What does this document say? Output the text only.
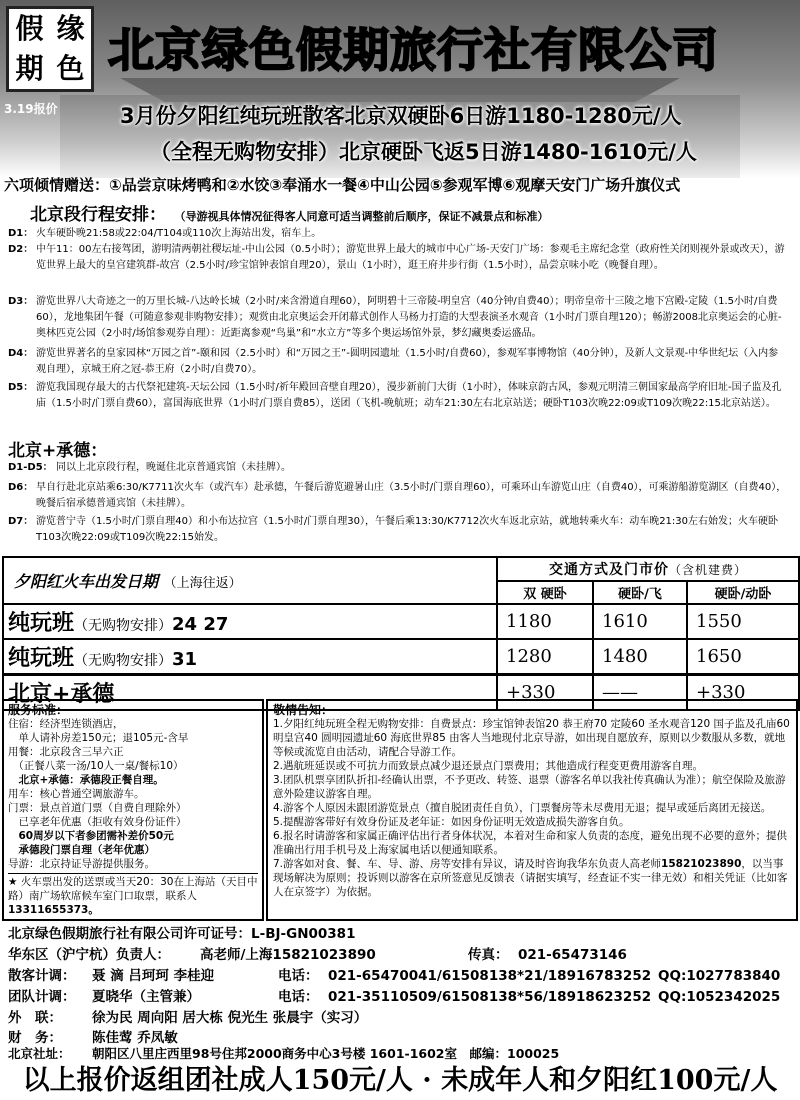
假 缘
期 色
3.19报价
北京绿色假期旅行社有限公司
3月份夕阳红纯玩班散客北京双硬卧6日游1180-1280元/人
（全程无购物安排）北京硬卧飞返5日游1480-1610元/人
六项倾情赠送：①品尝京味烤鸭和②水饺③奉涌水一餐④中山公园⑤参观军博⑥观摩天安门广场升旗仪式
北京段行程安排： （导游视具体情况征得客人同意可适当调整前后顺序，保证不减景点和标准）
D1： 火车硬卧晚21:58或22:04/T104或110次上海站出发，宿车上。
D2： 中午11：00左右接驾团，游明清两朝社稷坛址-中山公园（0.5小时）；游览世界上最大的城市中心广场-天安门广场：参观毛主席纪念堂（政府性关闭则视外景或改天），游览世界上最大的皇宫建筑群-故宫（2.5小时/珍宝馆钟表馆自理20），景山（1小时），逛王府井步行街（1.5小时），品尝京味小吃（晚餐自理）。
D3： 游览世界八大奇迹之一的万里长城-八达岭长城（2小时/来含滑道自理60），阿明碧十三帝陵-明皇宫（40分钟/自费40）；明帝皇帝十三陵之地下宫殿-定陵（1.5小时/自费60），龙地集团午餐（可随意参观非购物安排）；观赏由北京奥运会开闭幕式创作人马杨力打造的大型表演圣水观音（1小时/门票自理120）；畅游2008北京奥运会的心脏-奥林匹克公园（2小时/场馆参观券自理）：近距离参观“鸟巢”和“水立方”等多个奥运场馆外景，梦幻藏奥委运盛品。
D4： 游览世界著名的皇家园林“万园之首”-颐和园（2.5小时）和“万园之王”-圆明园遗址（1.5小时/自费60），参观军事博物馆（40分钟），及新人文景观-中华世纪坛（入内参观自理），京城王府之冠-恭王府（2小时/自费70）。
D5： 游览我国现存最大的古代祭祀建筑-天坛公园（1.5小时/祈年殿回音壁自理20），漫步新前门大街（1小时），体味京韵古风，参观元明清三朝国家最高学府旧址-国子监及孔庙（1.5小时/门票自费60），富国海底世界（1小时/门票自费85），送团（飞机-晚航班；动车21:30左右北京站送；硬卧T103次晚22:09或T109次晚22:15北京站送）。
北京+承德：
D1-D5： 同以上北京段行程，晚诞住北京普通宾馆（未挂牌）。
D6： 早自行赴北京站乘6:30/K7711次火车（或汽车）赴承德，午餐后游览避暑山庄（3.5小时/门票自理60），可乘环山车游览山庄（自费40），可乘游船游览湖区（自费40），晚餐后宿承德普通宾馆（未挂牌）。
D7： 游览普宁寺（1.5小时/门票自理40）和小布达拉宫（1.5小时/门票自理30），午餐后乘13:30/K7712次火车返北京站，就地转乘火车：动车晚21:30左右始发；火车硬卧T103次晚22:09或T109次晚22:15始发。
夕阳红火车出发日期 （上海往返）	交通方式及门市价（含机建费）		
	双 硬卧	硬卧/飞	硬卧/动卧
纯玩班（无购物安排）24 27	1180	1610	1550
纯玩班（无购物安排）31	1280	1480	1650
北京+承德	+330	——	+330

服务标准：

住宿：经济型连锁酒店，

　单人请补房差150元；退105元-含早

用餐：北京段含三早六正

　（正餐八菜一汤/10人一桌/餐标10）

　北京+承德：承德段正餐自理。

用车：核心普通空调旅游车。

门票：景点首道门票（自费自理除外）

　已享老年优惠（拒收有效身份证件）

　60周岁以下者参团需补差价50元

　承德段门票自理（老年优惠）

导游：北京持证导游提供服务。

★ 火车票出发的送票或当天20：30在上海站（天目中路）南广场软席候车室门口取票，联系人13311655373。

敬情告知：

1.夕阳红纯玩班全程无购物安排：自费景点：珍宝馆钟表馆20 恭王府70 定陵60 圣水观音120 国子监及孔庙60 明皇宫40 圆明园遗址60 海底世界85 由客人当地现付北京导游，如出现自愿放弃，原则以少数服从多数，就地等候或流览自由活动，请配合导游工作。

2.遇航班延误或不可抗力而致景点减少退还景点门票费用；其他造成行程变更费用游客自理。

3.团队机票享团队折扣-经确认出票，不予更改、转签、退票（游客名单以我社传真确认为准）；航空保险及旅游意外险建议游客自理。

4.游客个人原因未跟团游览景点（擅自脱团责任自负），门票餐房等未尽费用无退；提早或延后离团无接送。

5.提醒游客带好有效身份证及老年证：如因身份证明无效造成损失游客自负。

6.报名时请游客和家属正确评估出行者身体状况，本着对生命和家人负责的态度，避免出现不必要的意外；提供准确出行用手机号及上海家属电话以便通知联系。

7.游客如对食、餐、车、导、游、房等安排有异议，请及时咨询我华东负责人高老师15821023890，以当事现场解决为原则；投诉则以游客在京所签意见反馈表（请据实填写，经查证不实一律无效）和相关凭证（比如客人在京签字）为依据。

北京绿色假期旅行社有限公司许可证号：L-BJ-GN00381
华东区（沪宁杭）负责人： 高老师/上海15821023890	传真： 021-65473146
散客计调： 聂 滴 吕珂珂 李桂迎	电话： 021-65470041/61508138*21/18916783252 QQ:1027783840
团队计调： 夏晓华（主管兼）	电话： 021-35110509/61508138*56/18918623252 QQ:1052342025
外　联： 徐为民 周向阳 居大栋 倪光生 张晨宇（实习）
财　务： 陈佳莺 乔凤敏
北京社址： 朝阳区八里庄西里98号住邦2000商务中心3号楼 1601-1602室　邮编：100025
以上报价返组团社成人150元/人 · 未成年人和夕阳红100元/人
